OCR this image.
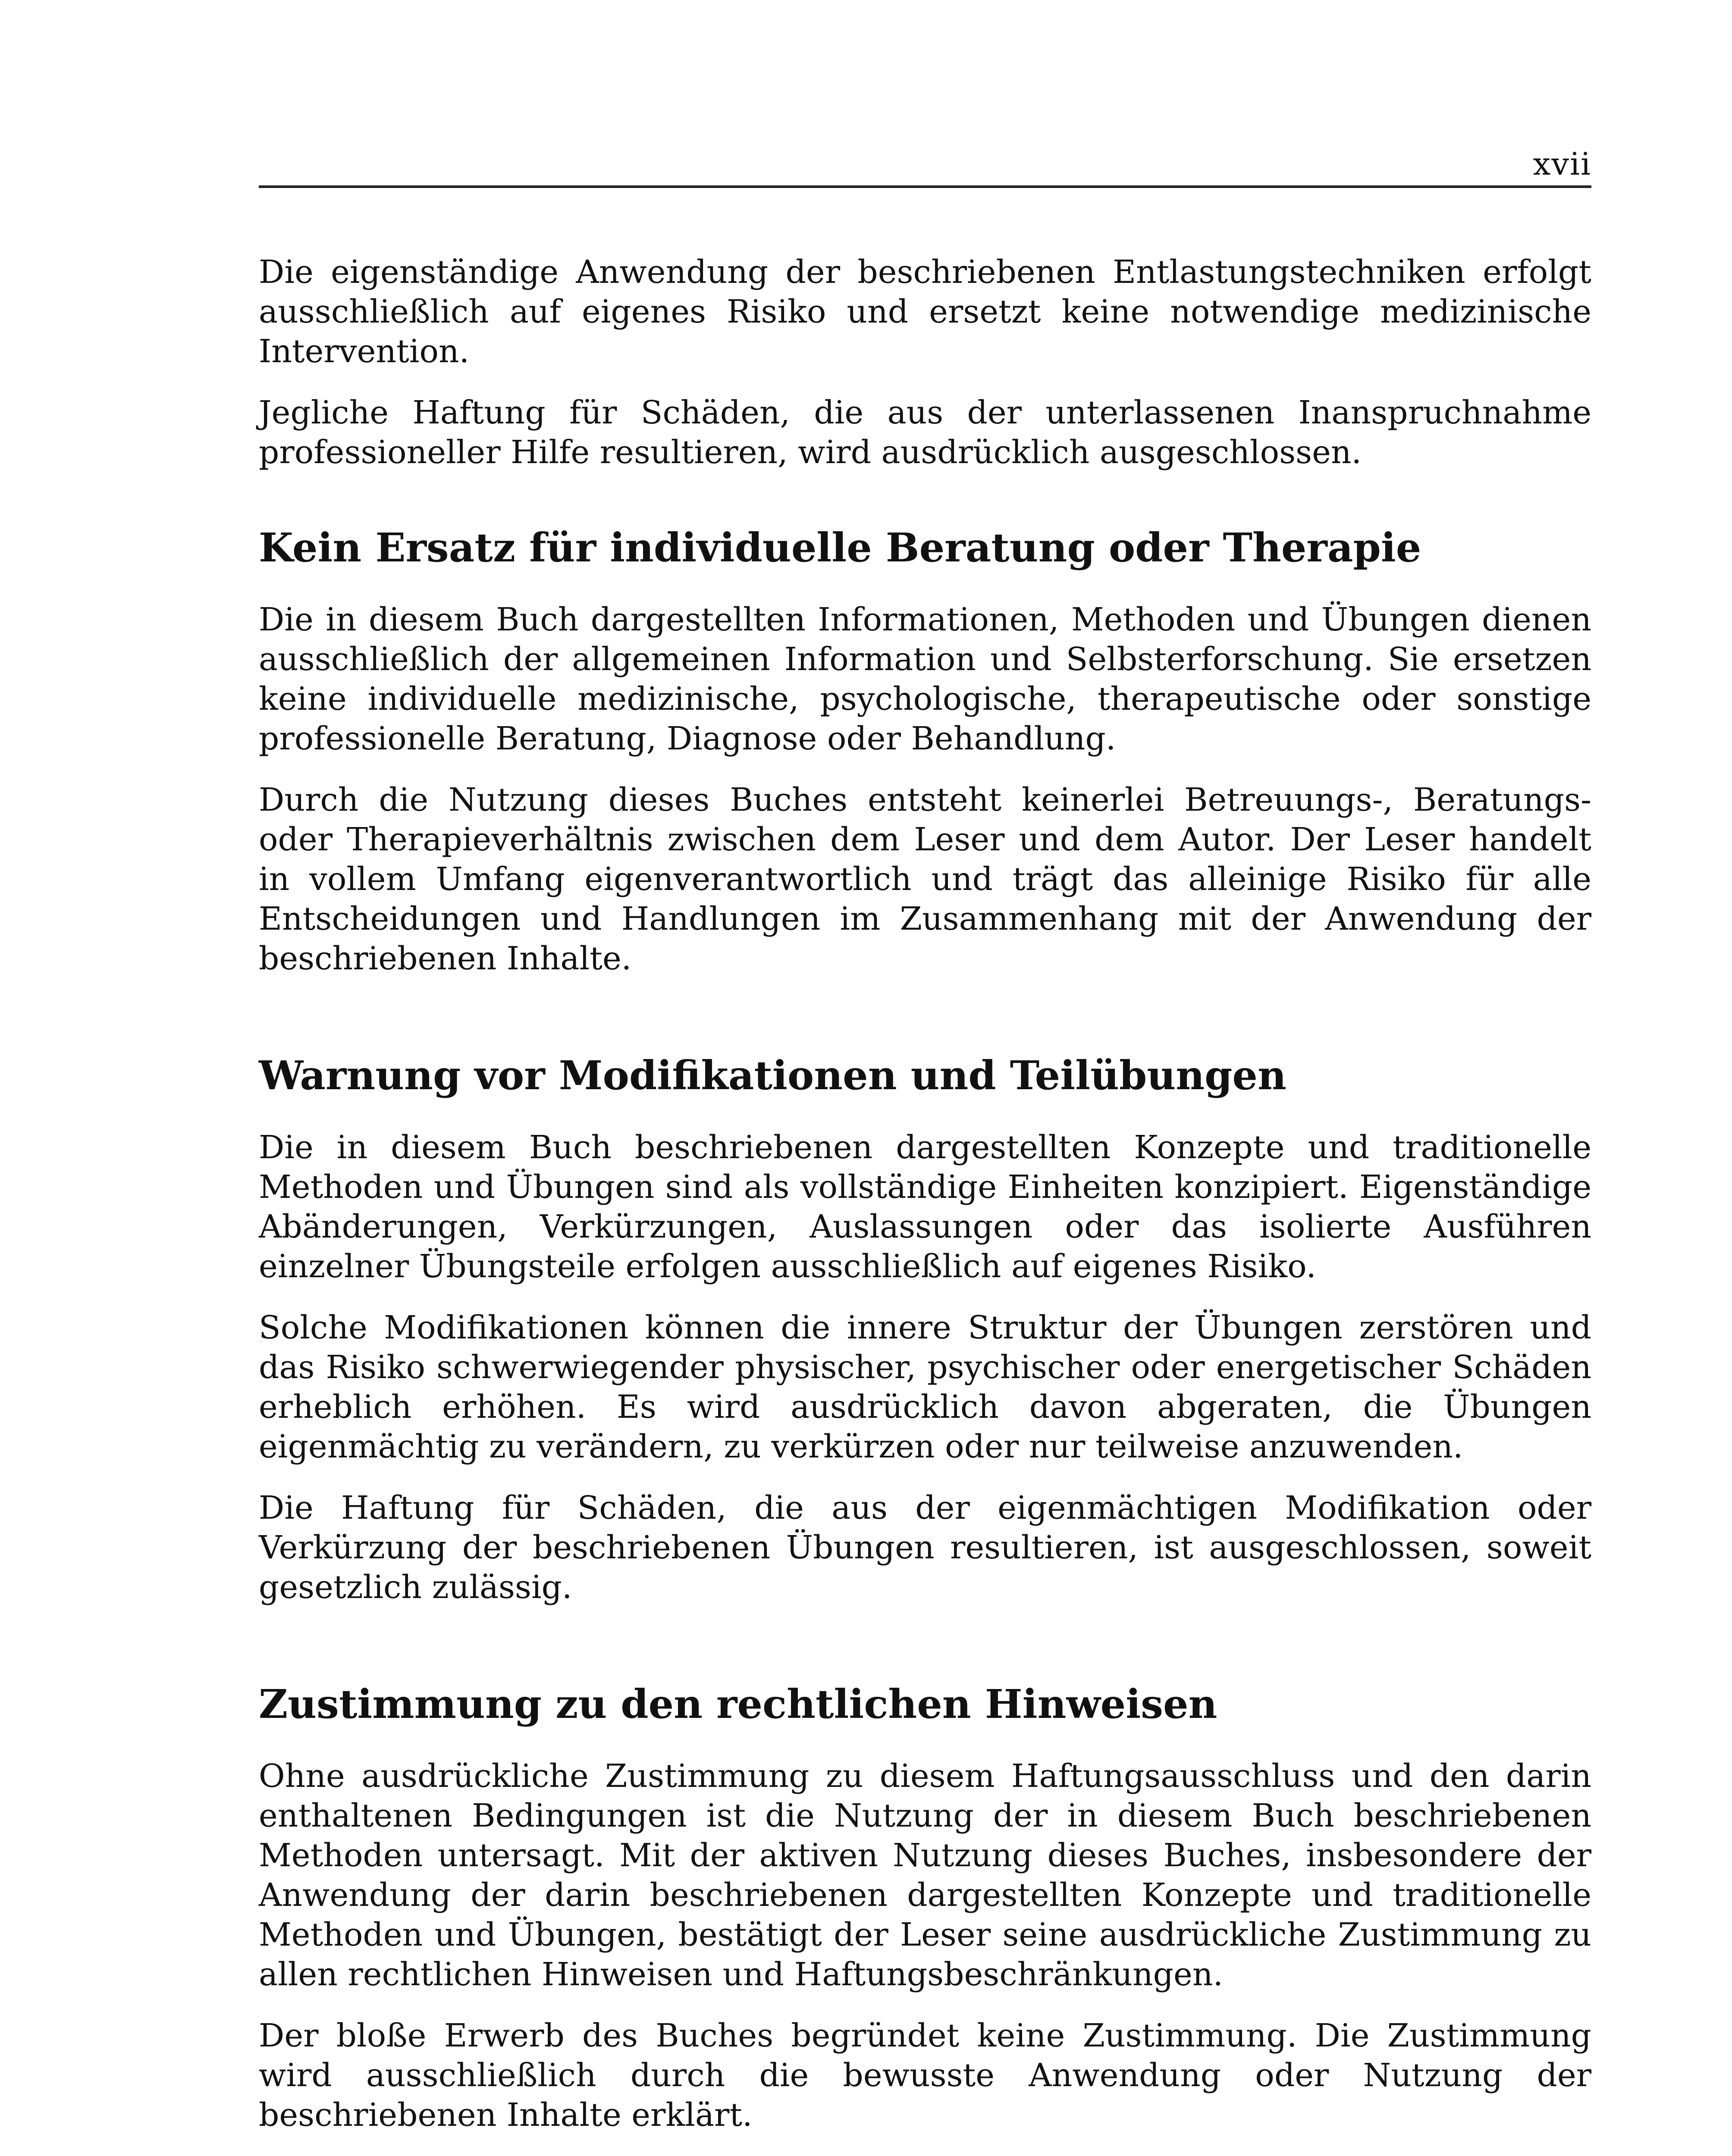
xvii

Die eigenständige Anwendung der beschriebenen Entlastungstechniken erfolgt ausschließlich auf eigenes Risiko und ersetzt keine notwendige medizinische Intervention.

Jegliche Haftung für Schäden, die aus der unterlassenen Inanspruchnahme professioneller Hilfe resultieren, wird ausdrücklich ausgeschlossen.

Kein Ersatz für individuelle Beratung oder Therapie

Die in diesem Buch dargestellten Informationen, Methoden und Übungen dienen ausschließlich der allgemeinen Information und Selbsterforschung. Sie ersetzen keine individuelle medizinische, psychologische, therapeutische oder sonstige professionelle Beratung, Diagnose oder Behandlung.

Durch die Nutzung dieses Buches entsteht keinerlei Betreuungs-, Beratungs- oder Therapieverhältnis zwischen dem Leser und dem Autor. Der Leser handelt in vollem Umfang eigenverantwortlich und trägt das alleinige Risiko für alle Entscheidungen und Handlungen im Zusammenhang mit der Anwendung der beschriebenen Inhalte.

Warnung vor Modifikationen und Teilübungen

Die in diesem Buch beschriebenen dargestellten Konzepte und traditionelle Methoden und Übungen sind als vollständige Einheiten konzipiert. Eigenständige Abänderungen, Verkürzungen, Auslassungen oder das isolierte Ausführen einzelner Übungsteile erfolgen ausschließlich auf eigenes Risiko.

Solche Modifikationen können die innere Struktur der Übungen zerstören und das Risiko schwerwiegender physischer, psychischer oder energetischer Schäden erheblich erhöhen. Es wird ausdrücklich davon abgeraten, die Übungen eigenmächtig zu verändern, zu verkürzen oder nur teilweise anzuwenden.

Die Haftung für Schäden, die aus der eigenmächtigen Modifikation oder Verkürzung der beschriebenen Übungen resultieren, ist ausgeschlossen, soweit gesetzlich zulässig.

Zustimmung zu den rechtlichen Hinweisen

Ohne ausdrückliche Zustimmung zu diesem Haftungsausschluss und den darin enthaltenen Bedingungen ist die Nutzung der in diesem Buch beschriebenen Methoden untersagt. Mit der aktiven Nutzung dieses Buches, insbesondere der Anwendung der darin beschriebenen dargestellten Konzepte und traditionelle Methoden und Übungen, bestätigt der Leser seine ausdrückliche Zustimmung zu allen rechtlichen Hinweisen und Haftungsbeschränkungen.

Der bloße Erwerb des Buches begründet keine Zustimmung. Die Zustimmung wird ausschließlich durch die bewusste Anwendung oder Nutzung der beschriebenen Inhalte erklärt.
